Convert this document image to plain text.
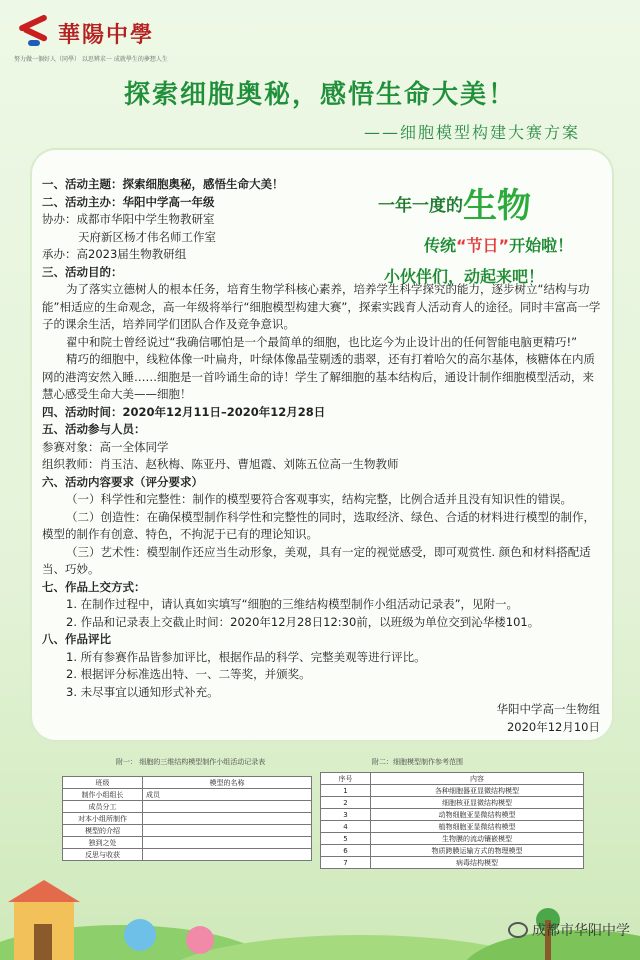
華陽中學
努力做一個好人（同學） 以思辨求一 成就學生的夢想人生
探索细胞奥秘，感悟生命大美！
——细胞模型构建大赛方案
一年一度的生物
传统“节日”开始啦！
小伙伴们，动起来吧！

一、活动主题：探索细胞奥秘，感悟生命大美！

二、活动主办：华阳中学高一年级

协办：成都市华阳中学生物教研室

天府新区杨才伟名师工作室

承办：高2023届生物教研组

三、活动目的：

为了落实立德树人的根本任务，培育生物学科核心素养，培养学生科学探究的能力，逐步树立“结构与功能”相适应的生命观念，高一年级将举行“细胞模型构建大赛”，探索实践育人活动育人的途径。同时丰富高一学子的课余生活，培养同学们团队合作及竞争意识。

翟中和院士曾经说过“我确信哪怕是一个最简单的细胞，也比迄今为止设计出的任何智能电脑更精巧!”

精巧的细胞中，线粒体像一叶扁舟，叶绿体像晶莹剔透的翡翠，还有打着哈欠的高尔基体，核糖体在内质网的港湾安然入睡……细胞是一首吟诵生命的诗！学生了解细胞的基本结构后，通设计制作细胞模型活动，来慧心感受生命大美——细胞！

四、活动时间：2020年12月11日–2020年12月28日

五、活动参与人员：

参赛对象：高一全体同学

组织教师：肖玉洁、赵秋梅、陈亚丹、曹旭霞、刘陈五位高一生物教师

六、活动内容要求（评分要求）

（一）科学性和完整性：制作的模型要符合客观事实，结构完整，比例合适并且没有知识性的错误。

（二）创造性：在确保模型制作科学性和完整性的同时，选取经济、绿色、合适的材料进行模型的制作，模型的制作有创意、特色，不拘泥于已有的理论知识。

（三）艺术性：模型制作还应当生动形象，美观，具有一定的视觉感受，即可观赏性. 颜色和材料搭配适当、巧妙。

七、作品上交方式：

1. 在制作过程中，请认真如实填写“细胞的三维结构模型制作小组活动记录表”，见附一。

2. 作品和记录表上交截止时间：2020年12月28日12:30前，以班级为单位交到沁华楼101。

八、作品评比

1. 所有参赛作品皆参加评比，根据作品的科学、完整美观等进行评比。

2. 根据评分标准选出特、一、二等奖，并颁奖。

3. 未尽事宜以通知形式补充。

华阳中学高一生物组
2020年12月10日
附一： 细胞的三维结构模型制作小组活动记录表	附二：细胞模型制作参考范围
班级	模型的名称
制作小组组长	成员
成员分工	
对本小组所制作	
模型的介绍	
独到之处	
反思与收获	
序号	内容
1	各种细胞器亚显微结构模型
2	细胞核亚显微结构模型
3	动物细胞亚显微结构模型
4	植物细胞亚显微结构模型
5	生物膜的流动镶嵌模型
6	物质跨膜运输方式的物理模型
7	病毒结构模型
成都市华阳中学
